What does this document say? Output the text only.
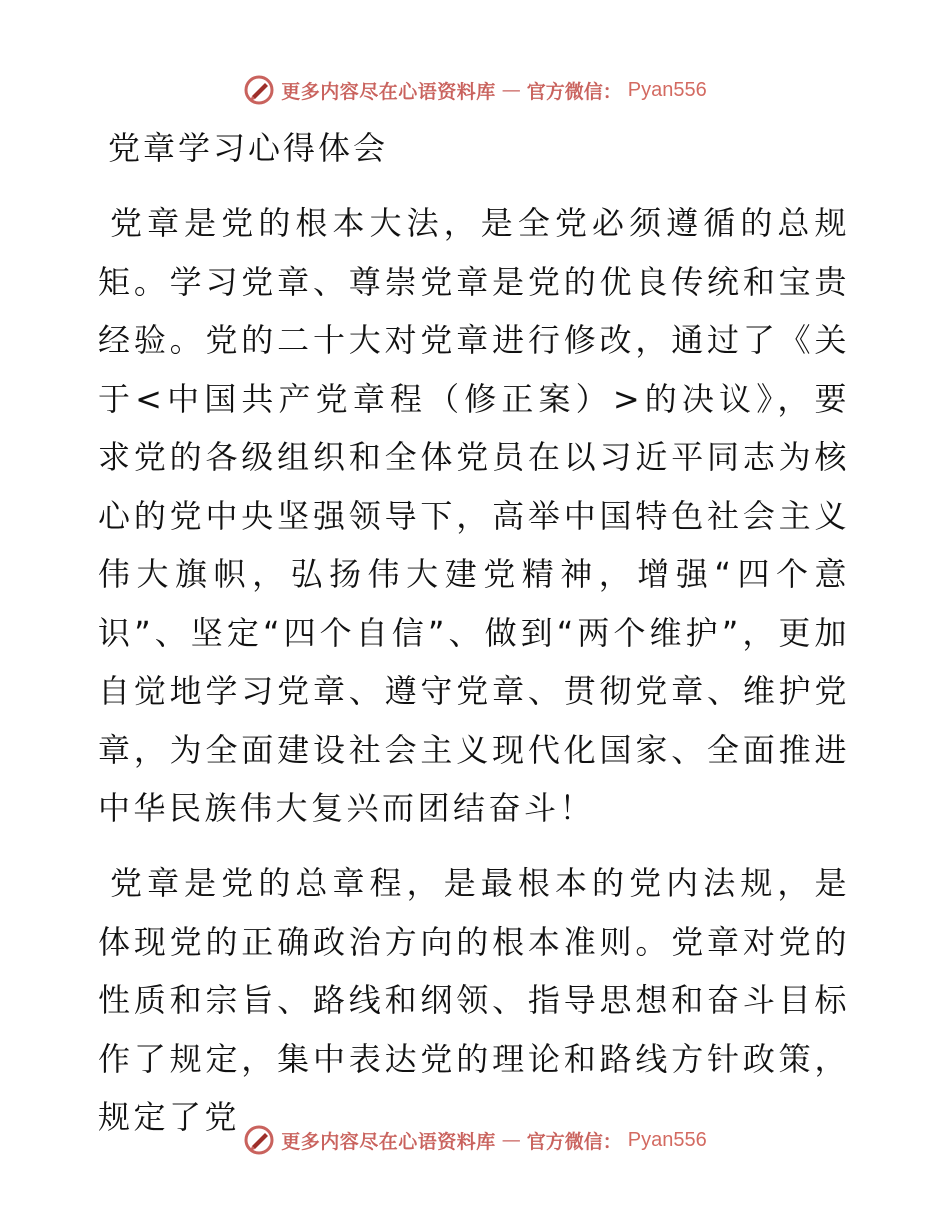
更多内容尽在心语资料库 — 官方微信： Pyan556
党章学习心得体会

党章是党的根本大法，是全党必须遵循的总规矩。学习党章、尊崇党章是党的优良传统和宝贵经验。党的二十大对党章进行修改，通过了《关于<中国共产党章程（修正案）>的决议》，要求党的各级组织和全体党员在以习近平同志为核心的党中央坚强领导下，高举中国特色社会主义伟大旗帜，弘扬伟大建党精神，增强“四个意识”、坚定“四个自信”、做到“两个维护”，更加自觉地学习党章、遵守党章、贯彻党章、维护党章，为全面建设社会主义现代化国家、全面推进中华民族伟大复兴而团结奋斗！

党章是党的总章程，是最根本的党内法规，是体现党的正确政治方向的根本准则。党章对党的性质和宗旨、路线和纲领、指导思想和奋斗目标作了规定，集中表达党的理论和路线方针政策，规定了党

更多内容尽在心语资料库 — 官方微信： Pyan556
